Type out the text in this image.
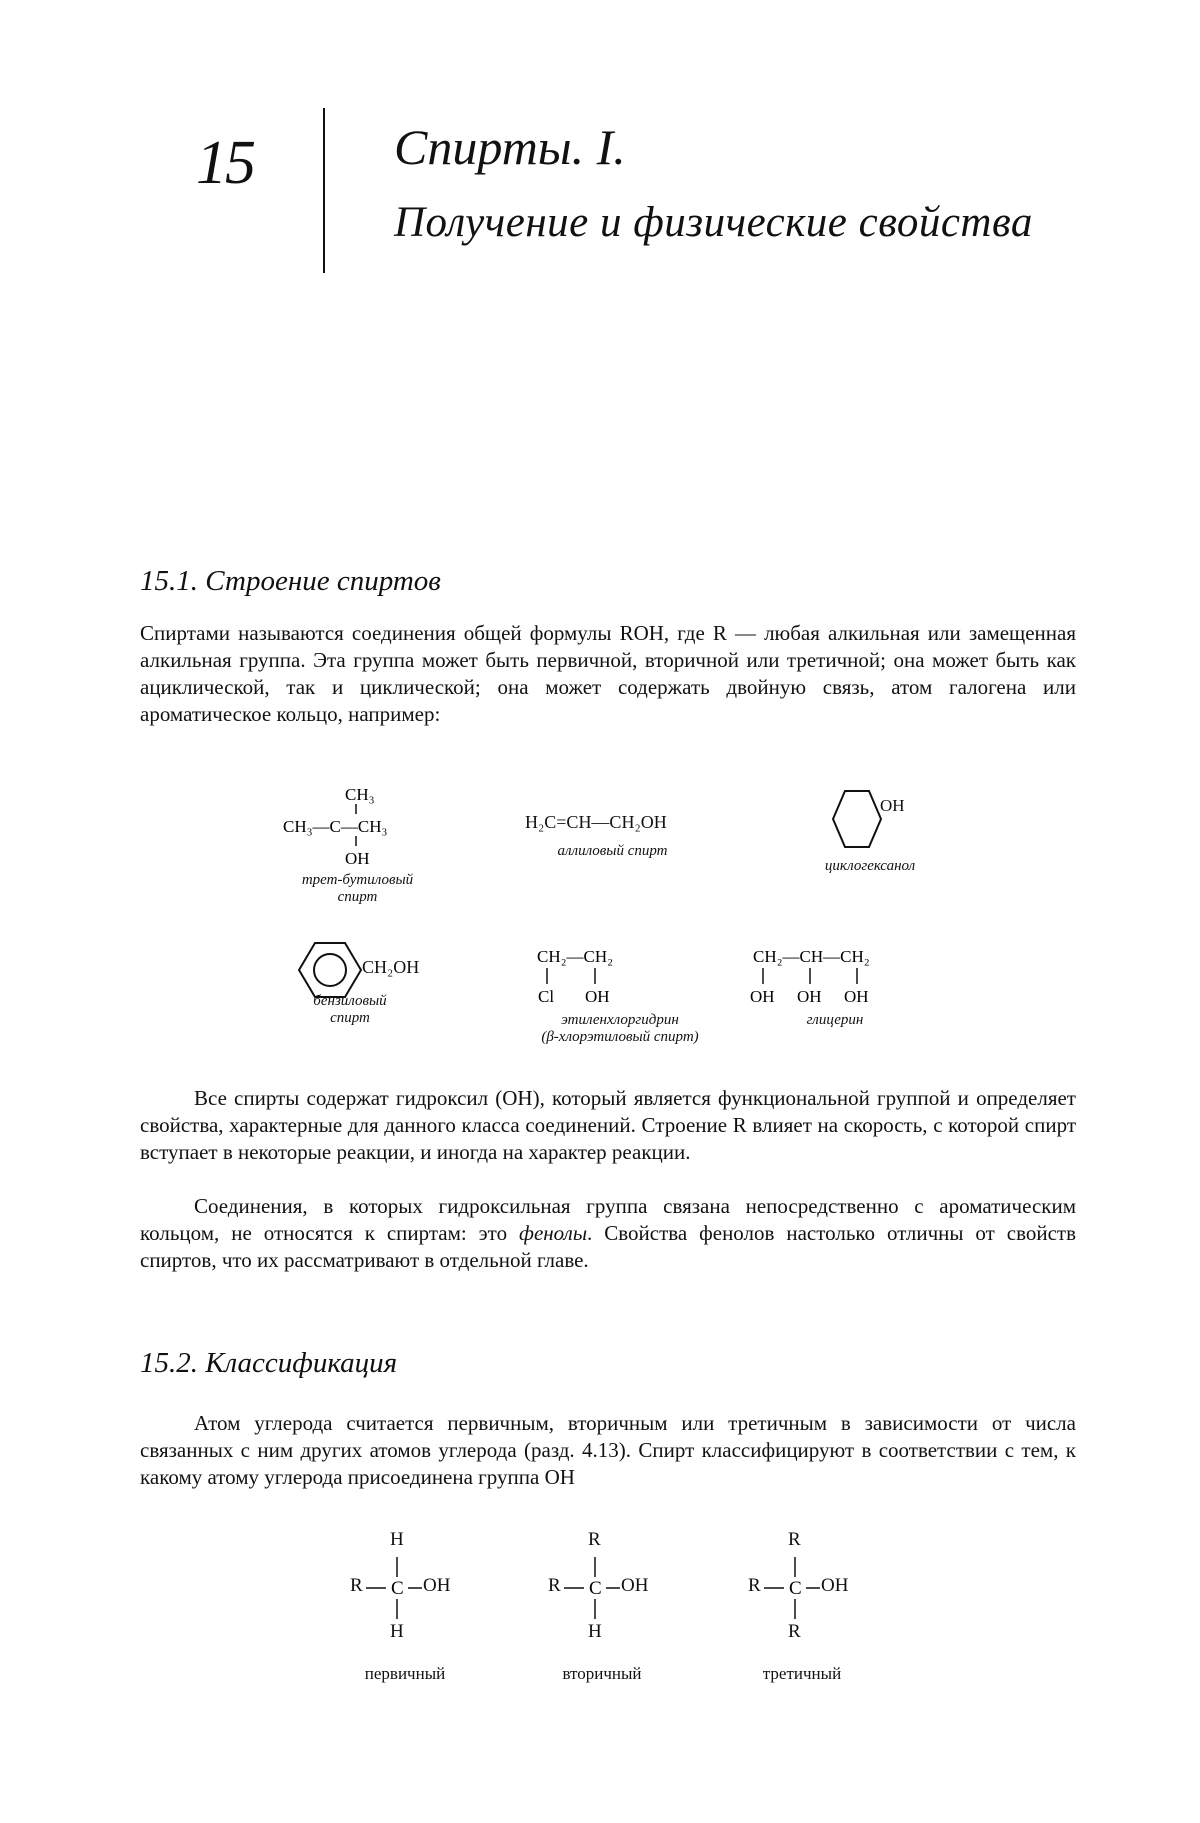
15	Спирты. I.
Получение и физические свойства
15.1. Строение спиртов

Спиртами называются соединения общей формулы ROH, где R — любая алкильная или замещенная алкильная группа. Эта группа может быть первичной, вторичной или третичной; она может быть как ациклической, так и циклической; она может содержать двойную связь, атом галогена или ароматическое кольцо, например:

CH₃
CH₃—C—CH₃
OH
трет-бутиловый
спирт
H₂C=CH—CH₂OH
аллиловый спирт
OH
циклогексанол
CH₂OH
бензиловый
спирт
CH₂—CH₂
Cl OH
этиленхлоргидрин
(β-хлорэтиловый спирт)
CH₂—CH—CH₂
OH OH OH
глицерин

Все спирты содержат гидроксил (OH), который является функциональной группой и определяет свойства, характерные для данного класса соединений. Строение R влияет на скорость, с которой спирт вступает в некоторые реакции, и иногда на характер реакции.

Соединения, в которых гидроксильная группа связана непосредственно с ароматическим кольцом, не относятся к спиртам: это фенолы. Свойства фенолов настолько отличны от свойств спиртов, что их рассматривают в отдельной главе.

15.2. Классификация

Атом углерода считается первичным, вторичным или третичным в зависимости от числа связанных с ним других атомов углерода (разд. 4.13). Спирт классифицируют в соответствии с тем, к какому атому углерода присоединена группа OH

C
H
R	OH
H
первичный
C
R
R	OH
H
вторичный
C
R
R	OH
R
третичный
